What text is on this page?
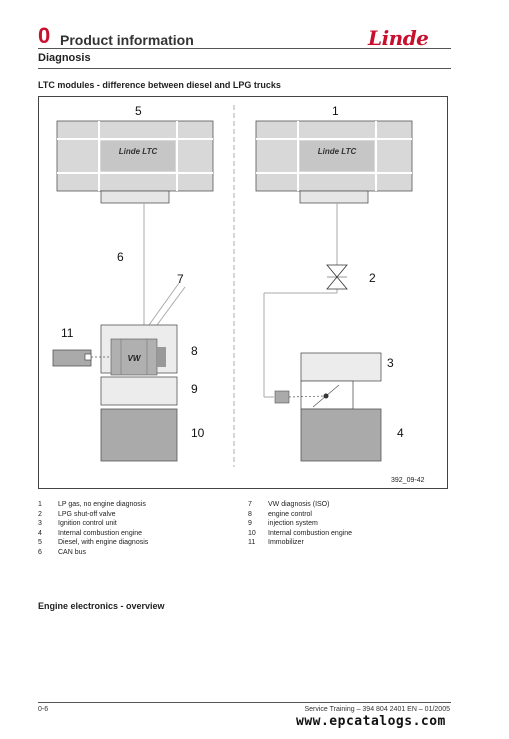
0 Product information	Linde
Diagnosis
LTC modules - difference between diesel and LPG trucks
Linde LTC	Linde LTC
VW
5	1
6
7	2
11
8
3
9
10	4
392_09-42
1	LP gas, no engine diagnosis
2	LPG shut-off valve
3	Ignition control unit
4	Internal combustion engine
5	Diesel, with engine diagnosis
6	CAN bus
7	VW diagnosis (ISO)
8	engine control
9	injection system
10	Internal combustion engine
11	Immobilizer
Engine electronics - overview
0-6	Service Training – 394 804 2401 EN – 01/2005
www.epcatalogs.com
